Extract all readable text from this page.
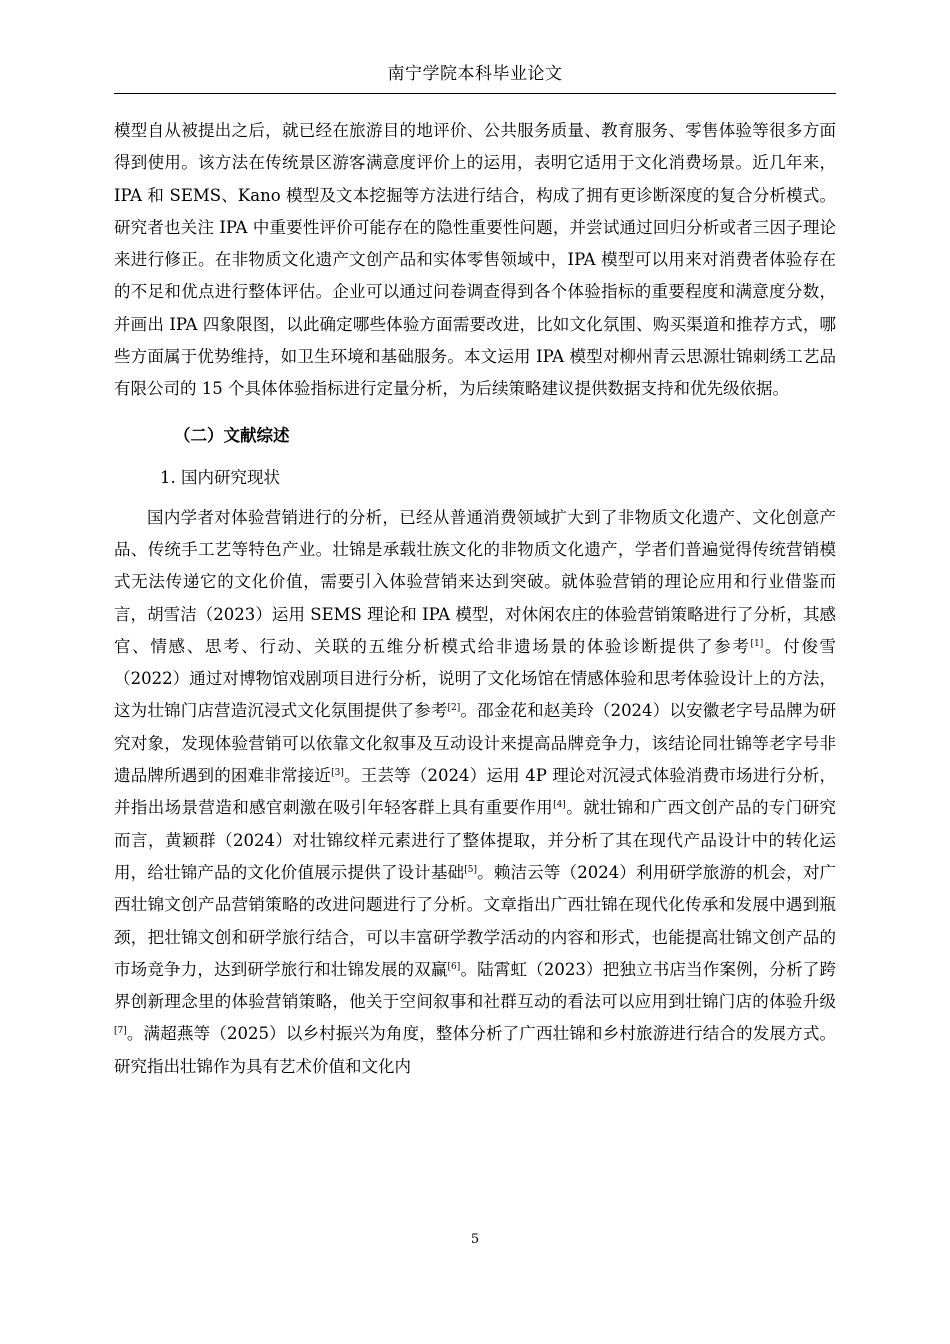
南宁学院本科毕业论文

模型自从被提出之后，就已经在旅游目的地评价、公共服务质量、教育服务、零售体验等很多方面得到使用。该方法在传统景区游客满意度评价上的运用，表明它适用于文化消费场景。近几年来，IPA 和 SEMS、Kano 模型及文本挖掘等方法进行结合，构成了拥有更诊断深度的复合分析模式。研究者也关注 IPA 中重要性评价可能存在的隐性重要性问题，并尝试通过回归分析或者三因子理论来进行修正。在非物质文化遗产文创产品和实体零售领域中，IPA 模型可以用来对消费者体验存在的不足和优点进行整体评估。企业可以通过问卷调查得到各个体验指标的重要程度和满意度分数，并画出 IPA 四象限图，以此确定哪些体验方面需要改进，比如文化氛围、购买渠道和推荐方式，哪些方面属于优势维持，如卫生环境和基础服务。本文运用 IPA 模型对柳州青云思源壮锦刺绣工艺品有限公司的 15 个具体体验指标进行定量分析，为后续策略建议提供数据支持和优先级依据。

（二）文献综述
1. 国内研究现状

国内学者对体验营销进行的分析，已经从普通消费领域扩大到了非物质文化遗产、文化创意产品、传统手工艺等特色产业。壮锦是承载壮族文化的非物质文化遗产，学者们普遍觉得传统营销模式无法传递它的文化价值，需要引入体验营销来达到突破。就体验营销的理论应用和行业借鉴而言，胡雪洁（2023）运用 SEMS 理论和 IPA 模型，对休闲农庄的体验营销策略进行了分析，其感官、情感、思考、行动、关联的五维分析模式给非遗场景的体验诊断提供了参考[1]。付俊雪（2022）通过对博物馆戏剧项目进行分析，说明了文化场馆在情感体验和思考体验设计上的方法，这为壮锦门店营造沉浸式文化氛围提供了参考[2]。邵金花和赵美玲（2024）以安徽老字号品牌为研究对象，发现体验营销可以依靠文化叙事及互动设计来提高品牌竞争力，该结论同壮锦等老字号非遗品牌所遇到的困难非常接近[3]。王芸等（2024）运用 4P 理论对沉浸式体验消费市场进行分析，并指出场景营造和感官刺激在吸引年轻客群上具有重要作用[4]。就壮锦和广西文创产品的专门研究而言，黄颖群（2024）对壮锦纹样元素进行了整体提取，并分析了其在现代产品设计中的转化运用，给壮锦产品的文化价值展示提供了设计基础[5]。赖洁云等（2024）利用研学旅游的机会，对广西壮锦文创产品营销策略的改进问题进行了分析。文章指出广西壮锦在现代化传承和发展中遇到瓶颈，把壮锦文创和研学旅行结合，可以丰富研学教学活动的内容和形式，也能提高壮锦文创产品的市场竞争力，达到研学旅行和壮锦发展的双赢[6]。陆霄虹（2023）把独立书店当作案例，分析了跨界创新理念里的体验营销策略，他关于空间叙事和社群互动的看法可以应用到壮锦门店的体验升级[7]。满超燕等（2025）以乡村振兴为角度，整体分析了广西壮锦和乡村旅游进行结合的发展方式。研究指出壮锦作为具有艺术价值和文化内

5
